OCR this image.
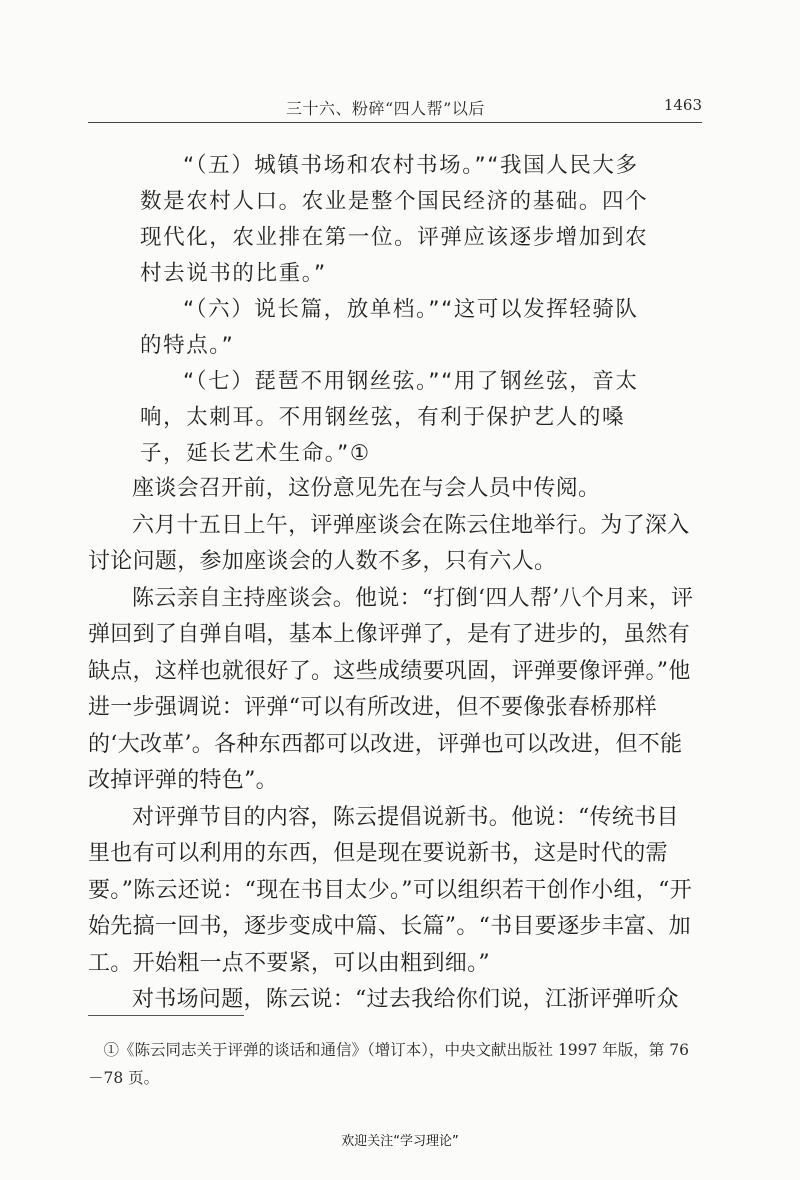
三十六、粉碎“四人帮”以后	1463

“（五）城镇书场和农村书场。”“我国人民大多数是农村人口。农业是整个国民经济的基础。四个现代化，农业排在第一位。评弹应该逐步增加到农村去说书的比重。”

“（六）说长篇，放单档。”“这可以发挥轻骑队的特点。”

“（七）琵琶不用钢丝弦。”“用了钢丝弦，音太响，太刺耳。不用钢丝弦，有利于保护艺人的嗓子，延长艺术生命。”①

座谈会召开前，这份意见先在与会人员中传阅。

六月十五日上午，评弹座谈会在陈云住地举行。为了深入讨论问题，参加座谈会的人数不多，只有六人。

陈云亲自主持座谈会。他说：“打倒‘四人帮’八个月来，评弹回到了自弹自唱，基本上像评弹了，是有了进步的，虽然有缺点，这样也就很好了。这些成绩要巩固，评弹要像评弹。”他进一步强调说：评弹“可以有所改进，但不要像张春桥那样的‘大改革’。各种东西都可以改进，评弹也可以改进，但不能改掉评弹的特色”。

对评弹节目的内容，陈云提倡说新书。他说：“传统书目里也有可以利用的东西，但是现在要说新书，这是时代的需要。”陈云还说：“现在书目太少。”可以组织若干创作小组，“开始先搞一回书，逐步变成中篇、长篇”。“书目要逐步丰富、加工。开始粗一点不要紧，可以由粗到细。”

对书场问题，陈云说：“过去我给你们说，江浙评弹听众

①《陈云同志关于评弹的谈话和通信》（增订本），中央文献出版社 1997 年版，第 76－78 页。

欢迎关注“学习理论”
